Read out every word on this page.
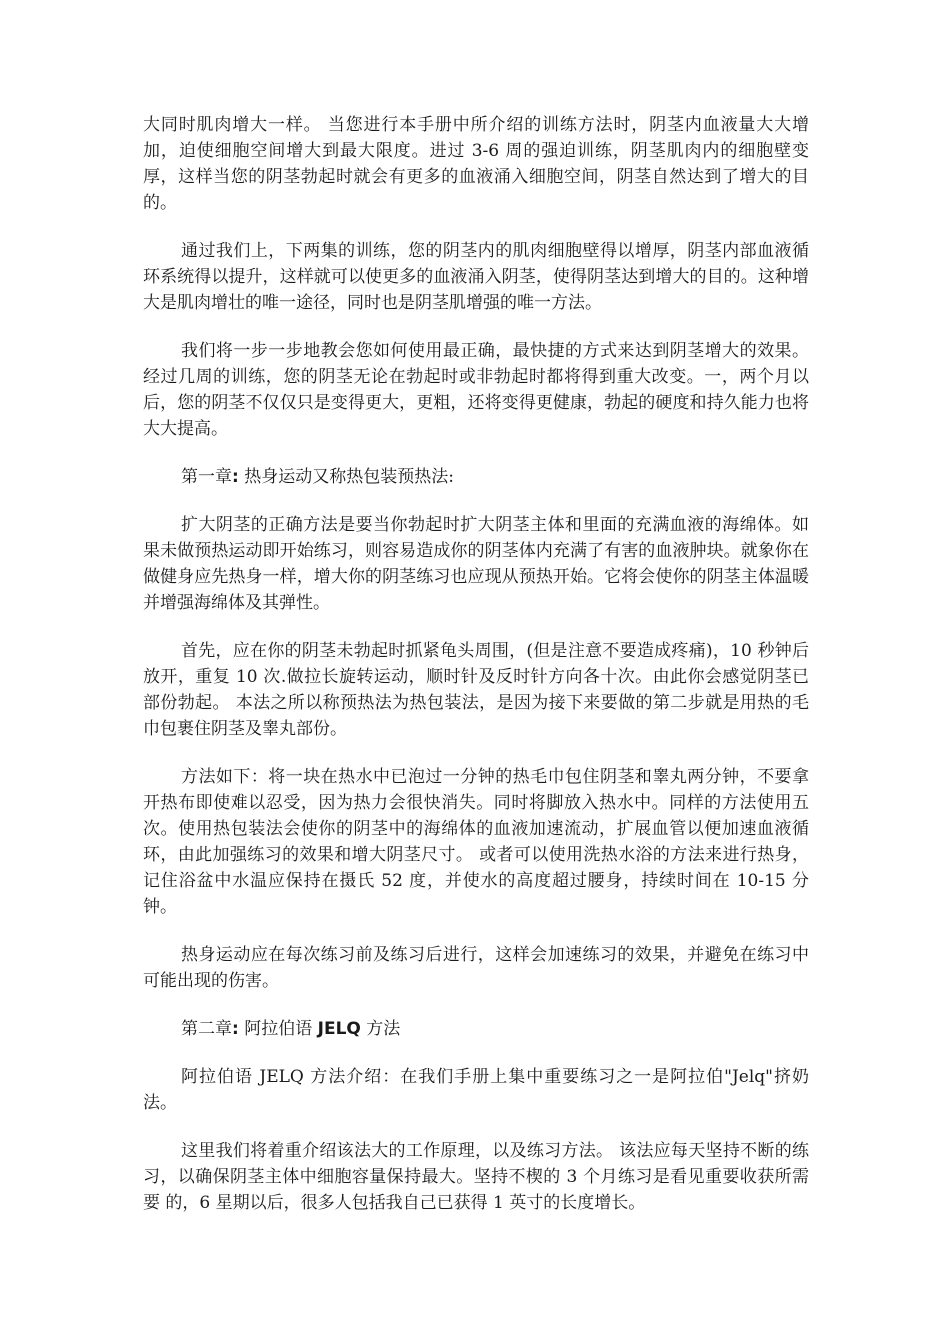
大同时肌肉增大一样。 当您进行本手册中所介绍的训练方法时，阴茎内血液量大大增加，迫使细胞空间增大到最大限度。进过 3-6 周的强迫训练，阴茎肌肉内的细胞壁变厚，这样当您的阴茎勃起时就会有更多的血液涌入细胞空间，阴茎自然达到了增大的目的。

通过我们上，下两集的训练，您的阴茎内的肌肉细胞壁得以增厚，阴茎内部血液循环系统得以提升，这样就可以使更多的血液涌入阴茎，使得阴茎达到增大的目的。这种增大是肌肉增壮的唯一途径，同时也是阴茎肌增强的唯一方法。

我们将一步一步地教会您如何使用最正确，最快捷的方式来达到阴茎增大的效果。经过几周的训练，您的阴茎无论在勃起时或非勃起时都将得到重大改变。一，两个月以后，您的阴茎不仅仅只是变得更大，更粗，还将变得更健康，勃起的硬度和持久能力也将大大提高。

第一章: 热身运动又称热包装预热法:

扩大阴茎的正确方法是要当你勃起时扩大阴茎主体和里面的充满血液的海绵体。如果未做预热运动即开始练习，则容易造成你的阴茎体内充满了有害的血液肿块。就象你在做健身应先热身一样，增大你的阴茎练习也应现从预热开始。它将会使你的阴茎主体温暖并增强海绵体及其弹性。

首先，应在你的阴茎未勃起时抓紧龟头周围，(但是注意不要造成疼痛)，10 秒钟后放开，重复 10 次.做拉长旋转运动，顺时针及反时针方向各十次。由此你会感觉阴茎已部份勃起。 本法之所以称预热法为热包装法，是因为接下来要做的第二步就是用热的毛巾包裹住阴茎及睾丸部份。

方法如下：将一块在热水中已泡过一分钟的热毛巾包住阴茎和睾丸两分钟，不要拿开热布即使难以忍受，因为热力会很快消失。同时将脚放入热水中。同样的方法使用五次。使用热包装法会使你的阴茎中的海绵体的血液加速流动，扩展血管以便加速血液循环，由此加强练习的效果和增大阴茎尺寸。 或者可以使用洗热水浴的方法来进行热身，记住浴盆中水温应保持在摄氏 52 度，并使水的高度超过腰身，持续时间在 10-15 分钟。

热身运动应在每次练习前及练习后进行，这样会加速练习的效果，并避免在练习中可能出现的伤害。

第二章: 阿拉伯语 JELQ 方法

阿拉伯语 JELQ 方法介绍：在我们手册上集中重要练习之一是阿拉伯"Jelq"挤奶法。

这里我们将着重介绍该法大的工作原理，以及练习方法。 该法应每天坚持不断的练习，以确保阴茎主体中细胞容量保持最大。坚持不楔的 3 个月练习是看见重要收获所需要 的，6 星期以后，很多人包括我自己已获得 1 英寸的长度增长。
